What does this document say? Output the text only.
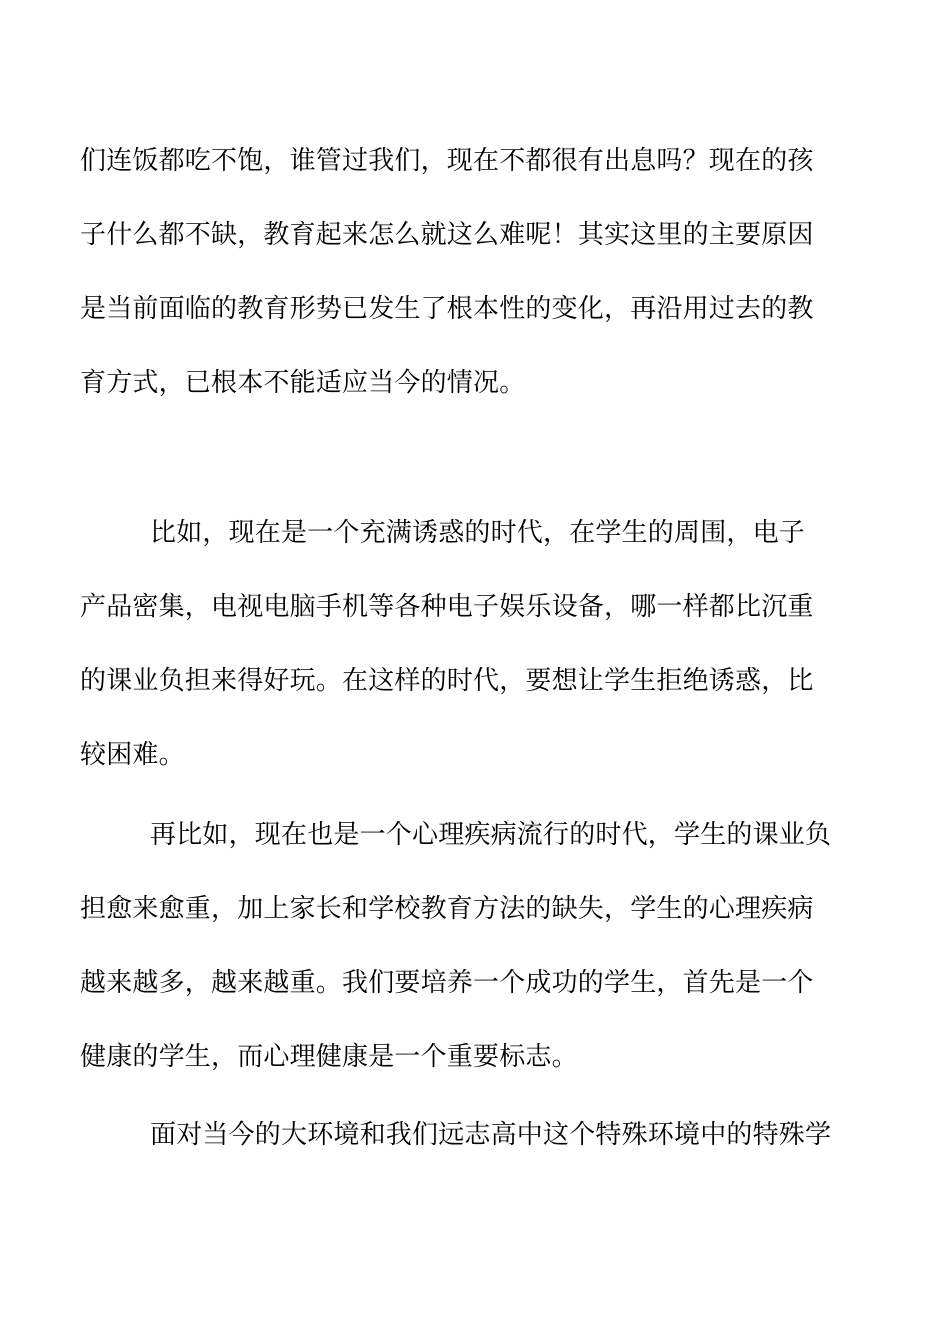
们连饭都吃不饱，谁管过我们，现在不都很有出息吗？现在的孩
子什么都不缺，教育起来怎么就这么难呢！其实这里的主要原因
是当前面临的教育形势已发生了根本性的变化，再沿用过去的教
育方式，已根本不能适应当今的情况。
比如，现在是一个充满诱惑的时代，在学生的周围，电子
产品密集，电视电脑手机等各种电子娱乐设备，哪一样都比沉重
的课业负担来得好玩。在这样的时代，要想让学生拒绝诱惑，比
较困难。
再比如，现在也是一个心理疾病流行的时代，学生的课业负
担愈来愈重，加上家长和学校教育方法的缺失，学生的心理疾病
越来越多，越来越重。我们要培养一个成功的学生，首先是一个
健康的学生，而心理健康是一个重要标志。
面对当今的大环境和我们远志高中这个特殊环境中的特殊学
